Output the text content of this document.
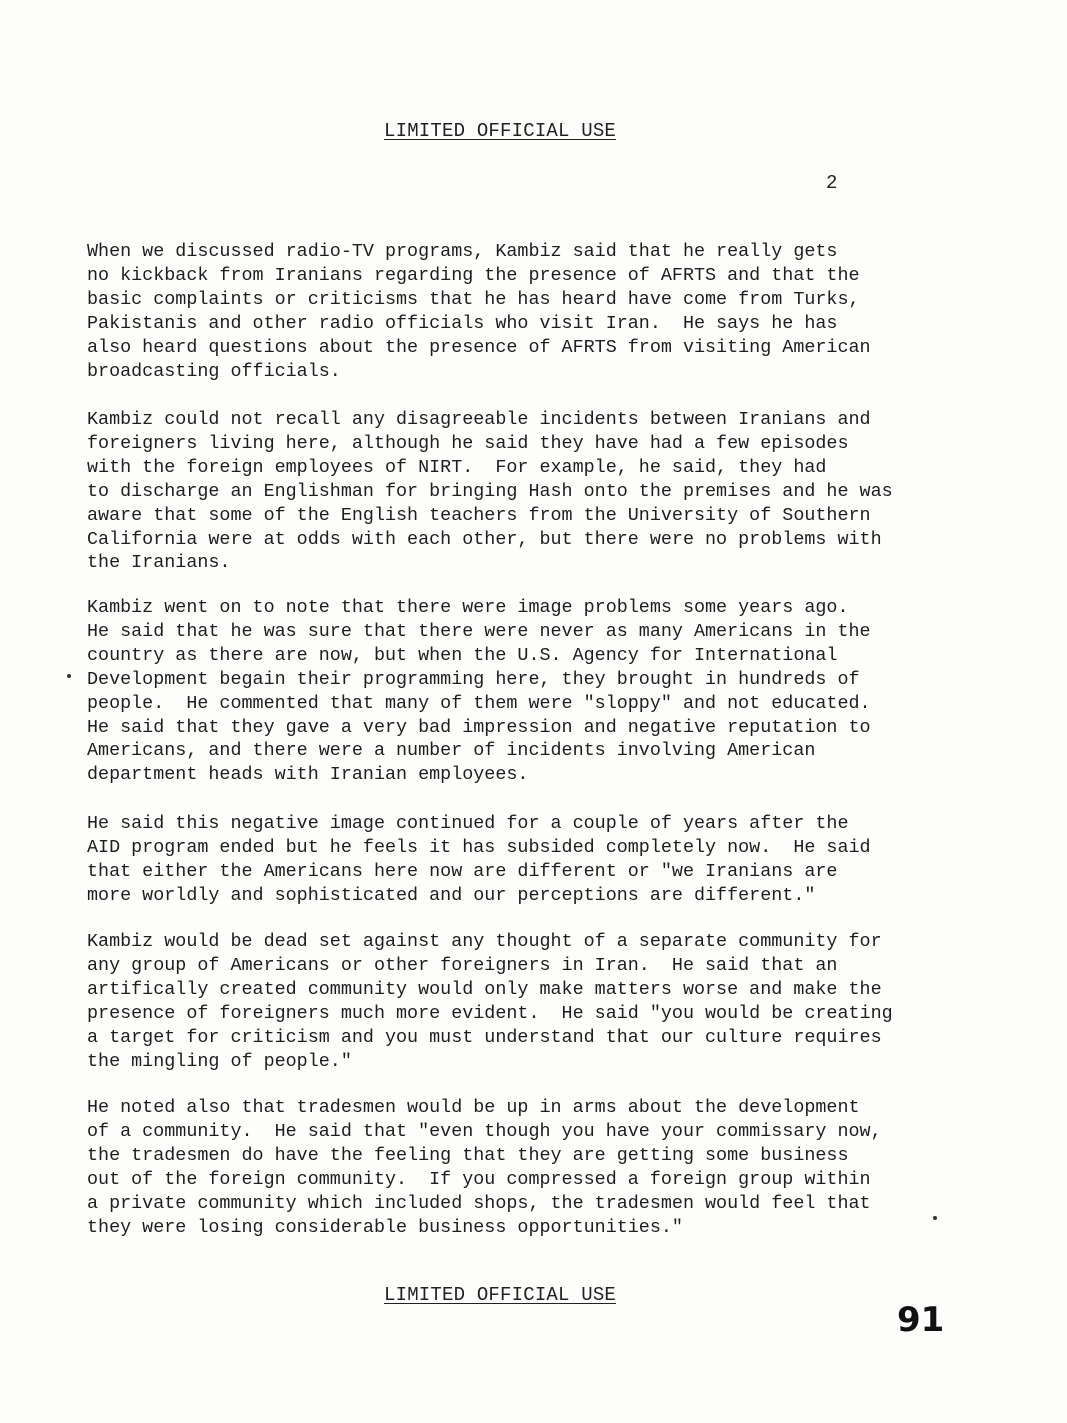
LIMITED OFFICIAL USE
2

When we discussed radio-TV programs, Kambiz said that he really gets
no kickback from Iranians regarding the presence of AFRTS and that the
basic complaints or criticisms that he has heard have come from Turks,
Pakistanis and other radio officials who visit Iran.  He says he has
also heard questions about the presence of AFRTS from visiting American
broadcasting officials.

Kambiz could not recall any disagreeable incidents between Iranians and
foreigners living here, although he said they have had a few episodes
with the foreign employees of NIRT.  For example, he said, they had
to discharge an Englishman for bringing Hash onto the premises and he was
aware that some of the English teachers from the University of Southern
California were at odds with each other, but there were no problems with
the Iranians.

Kambiz went on to note that there were image problems some years ago.
He said that he was sure that there were never as many Americans in the
country as there are now, but when the U.S. Agency for International
Development begain their programming here, they brought in hundreds of
people.  He commented that many of them were "sloppy" and not educated.
He said that they gave a very bad impression and negative reputation to
Americans, and there were a number of incidents involving American
department heads with Iranian employees.

He said this negative image continued for a couple of years after the
AID program ended but he feels it has subsided completely now.  He said
that either the Americans here now are different or "we Iranians are
more worldly and sophisticated and our perceptions are different."

Kambiz would be dead set against any thought of a separate community for
any group of Americans or other foreigners in Iran.  He said that an
artifically created community would only make matters worse and make the
presence of foreigners much more evident.  He said "you would be creating
a target for criticism and you must understand that our culture requires
the mingling of people."

He noted also that tradesmen would be up in arms about the development
of a community.  He said that "even though you have your commissary now,
the tradesmen do have the feeling that they are getting some business
out of the foreign community.  If you compressed a foreign group within
a private community which included shops, the tradesmen would feel that
they were losing considerable business opportunities."

LIMITED OFFICIAL USE
91
